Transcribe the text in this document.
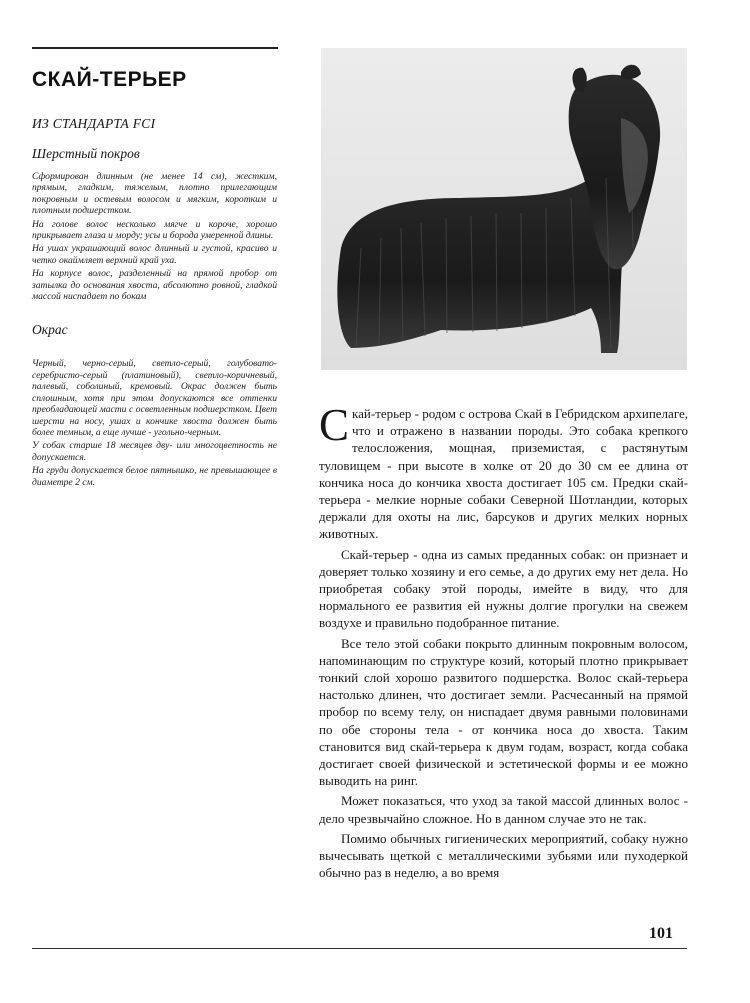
СКАЙ-ТЕРЬЕР
ИЗ СТАНДАРТА FCI
Шерстный покров

Сформирован длинным (не менее 14 см), жестким, прямым, гладким, тяжелым, плотно прилегающим покровным и остевым волосом и мягким, коротким и плотным подшерстком.

На голове волос несколько мягче и короче, хорошо прикрывает глаза и морду; усы и борода умеренной длины.

На ушах украшающий волос длинный и густой, красиво и четко окаймляет верхний край уха.

На корпусе волос, разделенный на прямой пробор от затылка до основания хвоста, абсолютно ровной, гладкой массой ниспадает по бокам

Окрас

Черный, черно-серый, светло-серый, голубовато-серебристо-серый (платиновый), светло-коричневый, палевый, соболиный, кремовый. Окрас должен быть сплошным, хотя при этом допускаются все оттенки преобладающей масти с осветленным подшерстком. Цвет шерсти на носу, ушах и кончике хвоста должен быть более темным, а еще лучше - угольно-черным.

У собак старше 18 месяцев дву- или многоцветность не допускается.

На груди допускается белое пятнышко, не превышающее в диаметре 2 см.

Скай-терьер - родом с острова Скай в Гебридском архипелаге, что и отражено в названии породы. Это собака крепкого телосложения, мощная, приземистая, с растянутым туловищем - при высоте в холке от 20 до 30 см ее длина от кончика носа до кончика хвоста достигает 105 см. Предки скай-терьера - мелкие норные собаки Северной Шотландии, которых держали для охоты на лис, барсуков и других мелких норных животных.

Скай-терьер - одна из самых преданных собак: он признает и доверяет только хозяину и его семье, а до других ему нет дела. Но приобретая собаку этой породы, имейте в виду, что для нормального ее развития ей нужны долгие прогулки на свежем воздухе и правильно подобранное питание.

Все тело этой собаки покрыто длинным покровным волосом, напоминающим по структуре козий, который плотно прикрывает тонкий слой хорошо развитого подшерстка. Волос скай-терьера настолько длинен, что достигает земли. Расчесанный на прямой пробор по всему телу, он ниспадает двумя равными половинами по обе стороны тела - от кончика носа до хвоста. Таким становится вид скай-терьера к двум годам, возраст, когда собака достигает своей физической и эстетической формы и ее можно выводить на ринг.

Может показаться, что уход за такой массой длинных волос - дело чрезвычайно сложное. Но в данном случае это не так.

Помимо обычных гигиенических мероприятий, собаку нужно вычесывать щеткой с металлическими зубьями или пуходеркой обычно раз в неделю, а во время

101
